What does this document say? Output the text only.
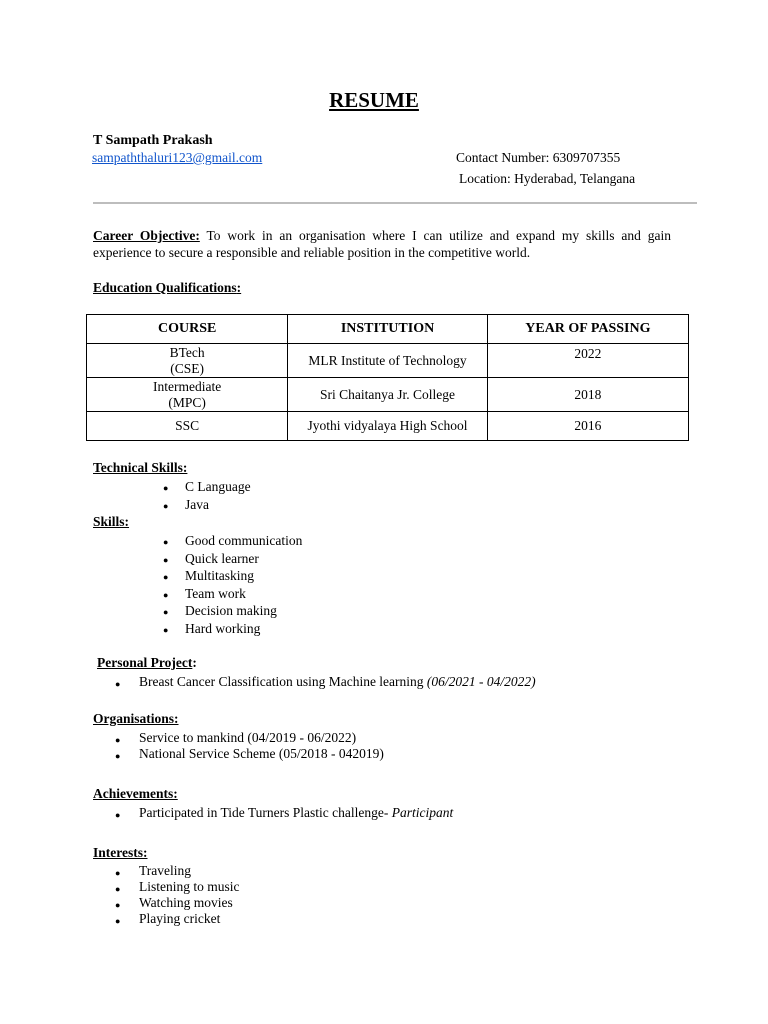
RESUME
T Sampath Prakash
sampaththaluri123@gmail.com	Contact Number: 6309707355
Location: Hyderabad, Telangana
Career Objective: To work in an organisation where I can utilize and expand my skills and gain experience to secure a responsible and reliable position in the competitive world.
Education Qualifications:
COURSE	INSTITUTION	YEAR OF PASSING

BTech
(CSE)	MLR Institute of Technology	2022

Intermediate
(MPC)	Sri Chaitanya Jr. College	2018
SSC	Jyothi vidyalaya High School	2016
Technical Skills:
● C Language
● Java
Skills:
● Good communication
● Quick learner
● Multitasking
● Team work
● Decision making
● Hard working
Personal Project:
● Breast Cancer Classification using Machine learning (06/2021 - 04/2022)
Organisations:
● Service to mankind (04/2019 - 06/2022)
● National Service Scheme (05/2018 - 042019)
Achievements:
● Participated in Tide Turners Plastic challenge- Participant
Interests:
● Traveling
● Listening to music
● Watching movies
● Playing cricket
